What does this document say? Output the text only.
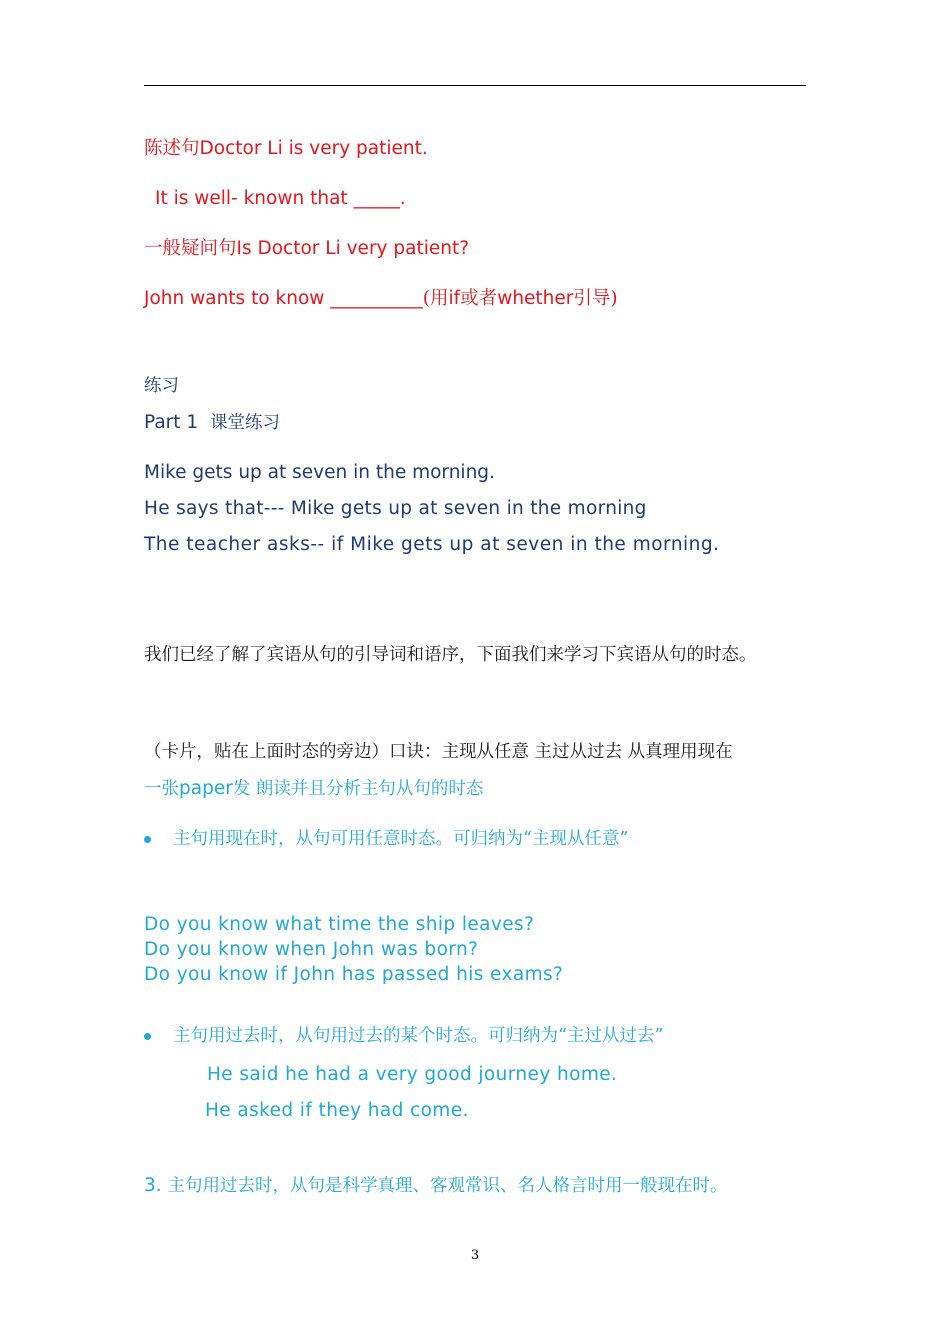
陈述句Doctor Li is very patient.
It is well- known that _____.
一般疑问句Is Doctor Li very patient?
John wants to know __________(用if或者whether引导)
练习
Part 1 课堂练习
Mike gets up at seven in the morning.
He says that--- Mike gets up at seven in the morning
The teacher asks-- if Mike gets up at seven in the morning.
我们已经了解了宾语从句的引导词和语序，下面我们来学习下宾语从句的时态。
（卡片，贴在上面时态的旁边）口诀：主现从任意 主过从过去 从真理用现在
一张paper发 朗读并且分析主句从句的时态
主句用现在时，从句可用任意时态。可归纳为“主现从任意”
Do you know what time the ship leaves?
Do you know when John was born?
Do you know if John has passed his exams?
主句用过去时，从句用过去的某个时态。可归纳为“主过从过去”
He said he had a very good journey home.
He asked if they had come.
3. 主句用过去时，从句是科学真理、客观常识、名人格言时用一般现在时。
3
